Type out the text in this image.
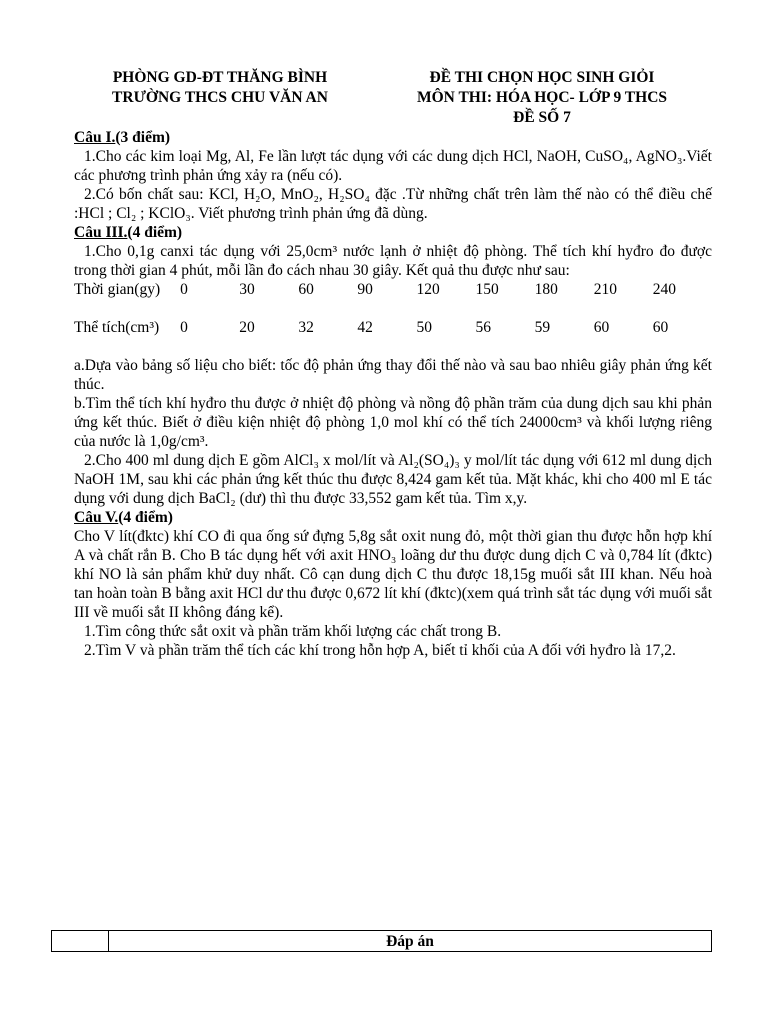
PHÒNG GD-ĐT THĂNG BÌNH
TRƯỜNG THCS CHU VĂN AN
ĐỀ THI CHỌN HỌC SINH GIỎI
MÔN THI: HÓA HỌC- LỚP 9 THCS
ĐỀ SỐ 7
Câu I.(3 điểm)

1.Cho các kim loại Mg, Al, Fe lần lượt tác dụng với các dung dịch HCl, NaOH, CuSO₄, AgNO₃.Viết các phương trình phản ứng xảy ra (nếu có).

2.Có bốn chất sau: KCl, H₂O, MnO₂, H₂SO₄ đặc .Từ những chất trên làm thế nào có thể điều chế :HCl ; Cl₂ ; KClO₃. Viết phương trình phản ứng đã dùng.

Câu III.(4 điểm)

1.Cho 0,1g canxi tác dụng với 25,0cm³ nước lạnh ở nhiệt độ phòng. Thể tích khí hyđro đo được trong thời gian 4 phút, mỗi lần đo cách nhau 30 giây. Kết quả thu được như sau:

Thời gian(gy)	0	30	60	90	120	150	180	210	240
Thể tích(cm³)	0	20	32	42	50	56	59	60	60

a.Dựa vào bảng số liệu cho biết: tốc độ phản ứng thay đổi thế nào và sau bao nhiêu giây phản ứng kết thúc.

b.Tìm thể tích khí hyđro thu được ở nhiệt độ phòng và nồng độ phần trăm của dung dịch sau khi phản ứng kết thúc. Biết ở điều kiện nhiệt độ phòng 1,0 mol khí có thể tích 24000cm³ và khối lượng riêng của nước là 1,0g/cm³.

2.Cho 400 ml dung dịch E gồm AlCl₃ x mol/lít và Al₂(SO₄)₃ y mol/lít tác dụng với 612 ml dung dịch NaOH 1M, sau khi các phản ứng kết thúc thu được 8,424 gam kết tủa. Mặt khác, khi cho 400 ml E tác dụng với dung dịch BaCl₂ (dư) thì thu được 33,552 gam kết tủa. Tìm x,y.

Câu V.(4 điểm)

Cho V lít(đktc) khí CO đi qua ống sứ đựng 5,8g sắt oxit nung đỏ, một thời gian thu được hỗn hợp khí A và chất rắn B. Cho B tác dụng hết với axit HNO₃ loãng dư thu được dung dịch C và 0,784 lít (đktc) khí NO là sản phẩm khử duy nhất. Cô cạn dung dịch C thu được 18,15g muối sắt III khan. Nếu hoà tan hoàn toàn B bằng axit HCl dư thu được 0,672 lít khí (đktc)(xem quá trình sắt tác dụng với muối sắt III về muối sắt II không đáng kể).

1.Tìm công thức sắt oxit và phần trăm khối lượng các chất trong B.

2.Tìm V và phần trăm thể tích các khí trong hỗn hợp A, biết tỉ khối của A đối với hyđro là 17,2.

	Đáp án
